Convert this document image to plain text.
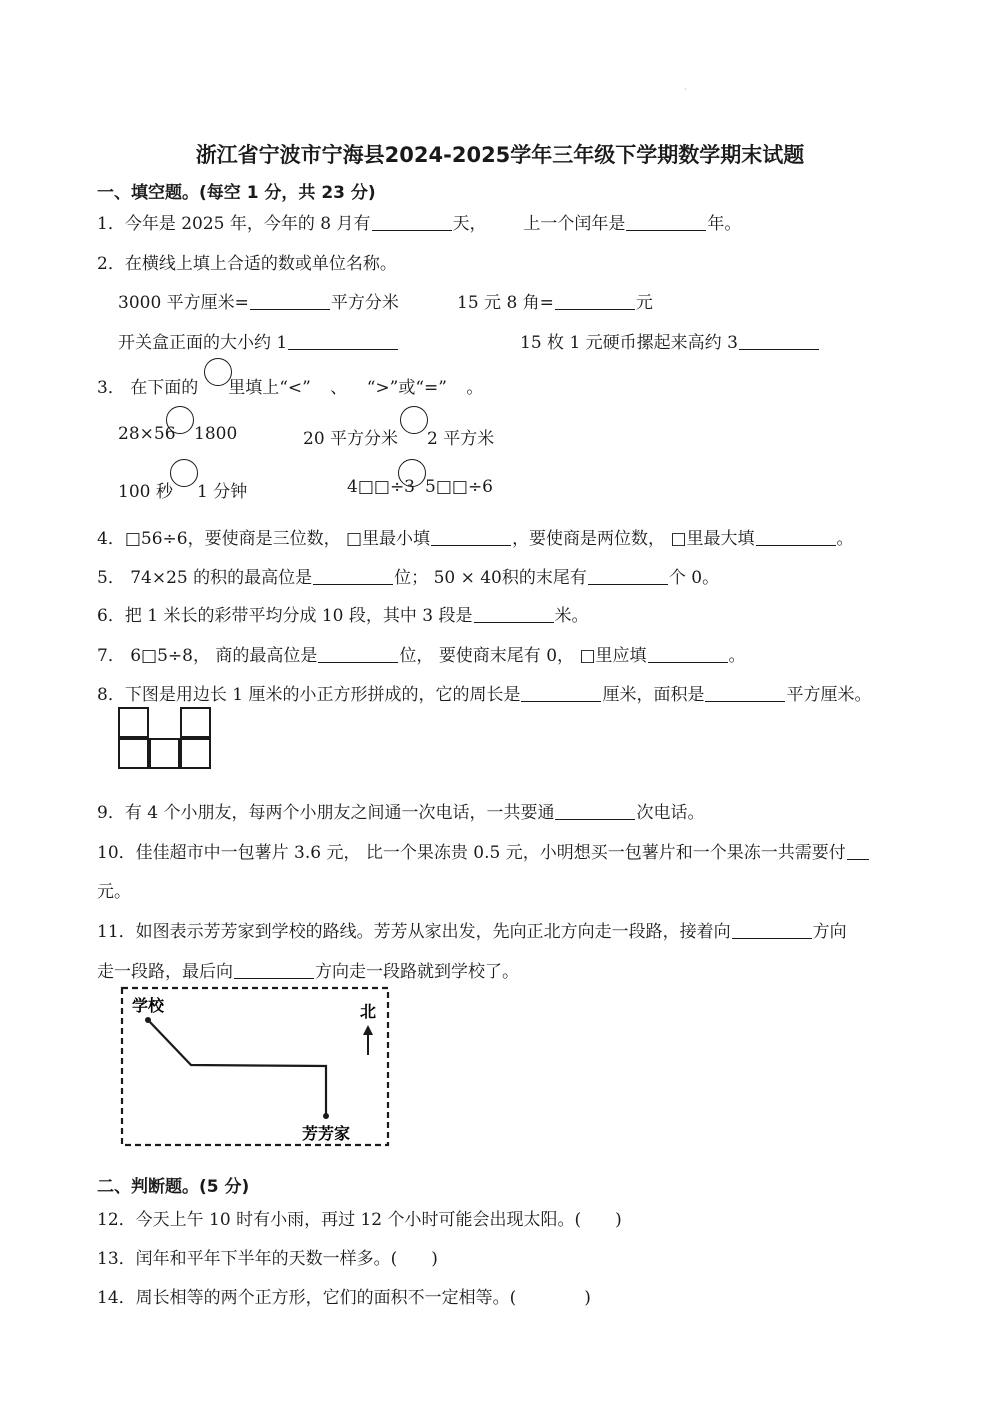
·
浙江省宁波市宁海县2024-2025学年三年级下学期数学期末试题
一、填空题。(每空 1 分，共 23 分)
1．今年是 2025 年，今年的 8 月有	天， 上一个闰年是	年。
2．在横线上填上合适的数或单位名称。
3000 平方厘米=	平方分米	15 元 8 角=	元
开关盒正面的大小约 1	15 枚 1 元硬币摞起来高约 3
3． 在下面的 里填上“<” 、 “>”或“=” 。
28×56 1800	20 平方分米 2 平方米
100 秒 1 分钟	4□□÷3 5□□÷6
4．□56÷6，要使商是三位数， □里最小填	，要使商是两位数， □里最大填	。
5． 74×25 的积的最高位是	位； 50 × 40积的末尾有	个 0。
6．把 1 米长的彩带平均分成 10 段，其中 3 段是	米。
7． 6□5÷8， 商的最高位是	位， 要使商末尾有 0， □里应填	。
8．下图是用边长 1 厘米的小正方形拼成的，它的周长是	厘米，面积是	平方厘米。
9．有 4 个小朋友，每两个小朋友之间通一次电话，一共要通	次电话。
10．佳佳超市中一包薯片 3.6 元， 比一个果冻贵 0.5 元，小明想买一包薯片和一个果冻一共需要付
元。
11．如图表示芳芳家到学校的路线。芳芳从家出发，先向正北方向走一段路，接着向	方向
走一段路，最后向	方向走一段路就到学校了。
学校	北
芳芳家
二、判断题。(5 分)
12．今天上午 10 时有小雨，再过 12 个小时可能会出现太阳。(　　)
13．闰年和平年下半年的天数一样多。(　　)
14．周长相等的两个正方形，它们的面积不一定相等。(　　　　)
